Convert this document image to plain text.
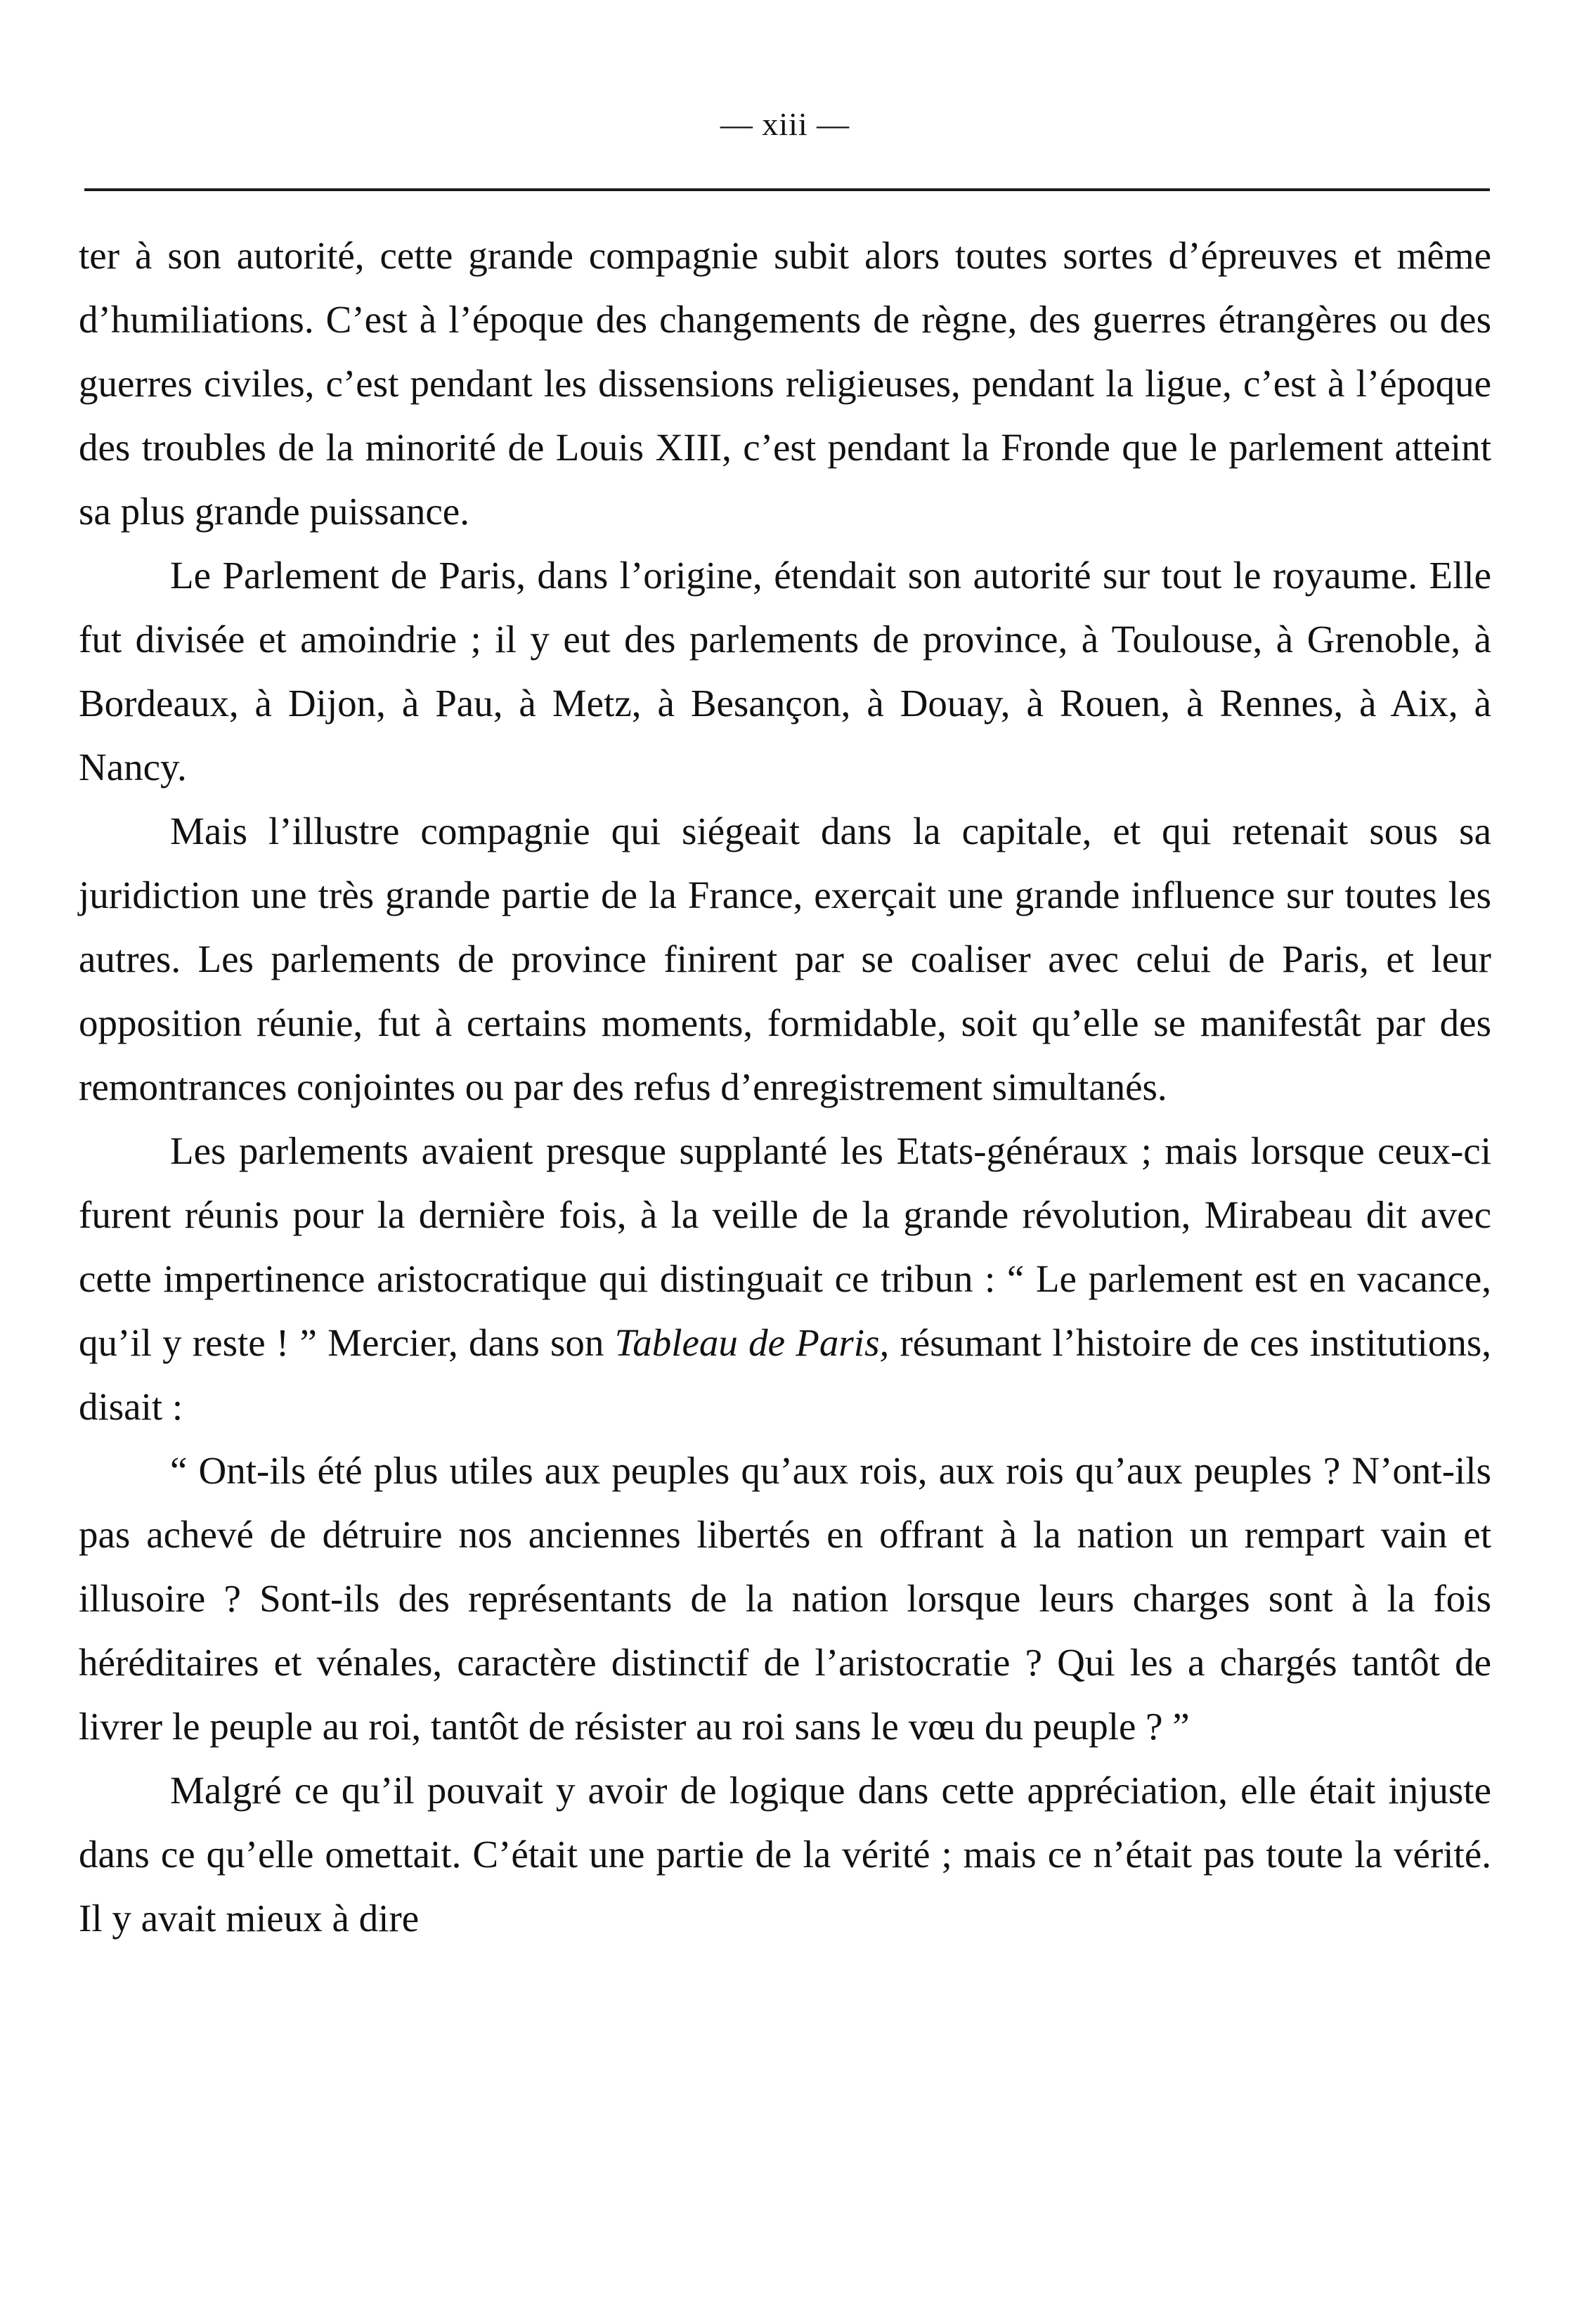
— xiii —

ter à son autorité, cette grande compagnie subit alors toutes sortes d’épreuves et même d’humiliations. C’est à l’époque des changements de règne, des guerres étrangères ou des guerres civiles, c’est pendant les dissensions religieuses, pendant la ligue, c’est à l’époque des troubles de la minorité de Louis XIII, c’est pendant la Fronde que le parlement atteint sa plus grande puissance.

Le Parlement de Paris, dans l’origine, étendait son autorité sur tout le royaume. Elle fut divisée et amoindrie ; il y eut des parlements de province, à Toulouse, à Grenoble, à Bordeaux, à Dijon, à Pau, à Metz, à Besançon, à Douay, à Rouen, à Rennes, à Aix, à Nancy.

Mais l’illustre compagnie qui siégeait dans la capitale, et qui retenait sous sa juridiction une très grande partie de la France, exerçait une grande influence sur toutes les autres. Les parlements de province finirent par se coaliser avec celui de Paris, et leur opposition réunie, fut à certains moments, formidable, soit qu’elle se manifestât par des remontrances conjointes ou par des refus d’enregistrement simultanés.

Les parlements avaient presque supplanté les Etats-généraux ; mais lorsque ceux-ci furent réunis pour la dernière fois, à la veille de la grande révolution, Mirabeau dit avec cette impertinence aristocratique qui distinguait ce tribun : “ Le parlement est en vacance, qu’il y reste ! ” Mercier, dans son Tableau de Paris, résumant l’histoire de ces institutions, disait :

“ Ont-ils été plus utiles aux peuples qu’aux rois, aux rois qu’aux peuples ? N’ont-ils pas achevé de détruire nos anciennes libertés en offrant à la nation un rempart vain et illusoire ? Sont-ils des représentants de la nation lorsque leurs charges sont à la fois héréditaires et vénales, caractère distinctif de l’aristocratie ? Qui les a chargés tantôt de livrer le peuple au roi, tantôt de résister au roi sans le vœu du peuple ? ”

Malgré ce qu’il pouvait y avoir de logique dans cette appréciation, elle était injuste dans ce qu’elle omettait. C’était une partie de la vérité ; mais ce n’était pas toute la vérité. Il y avait mieux à dire
